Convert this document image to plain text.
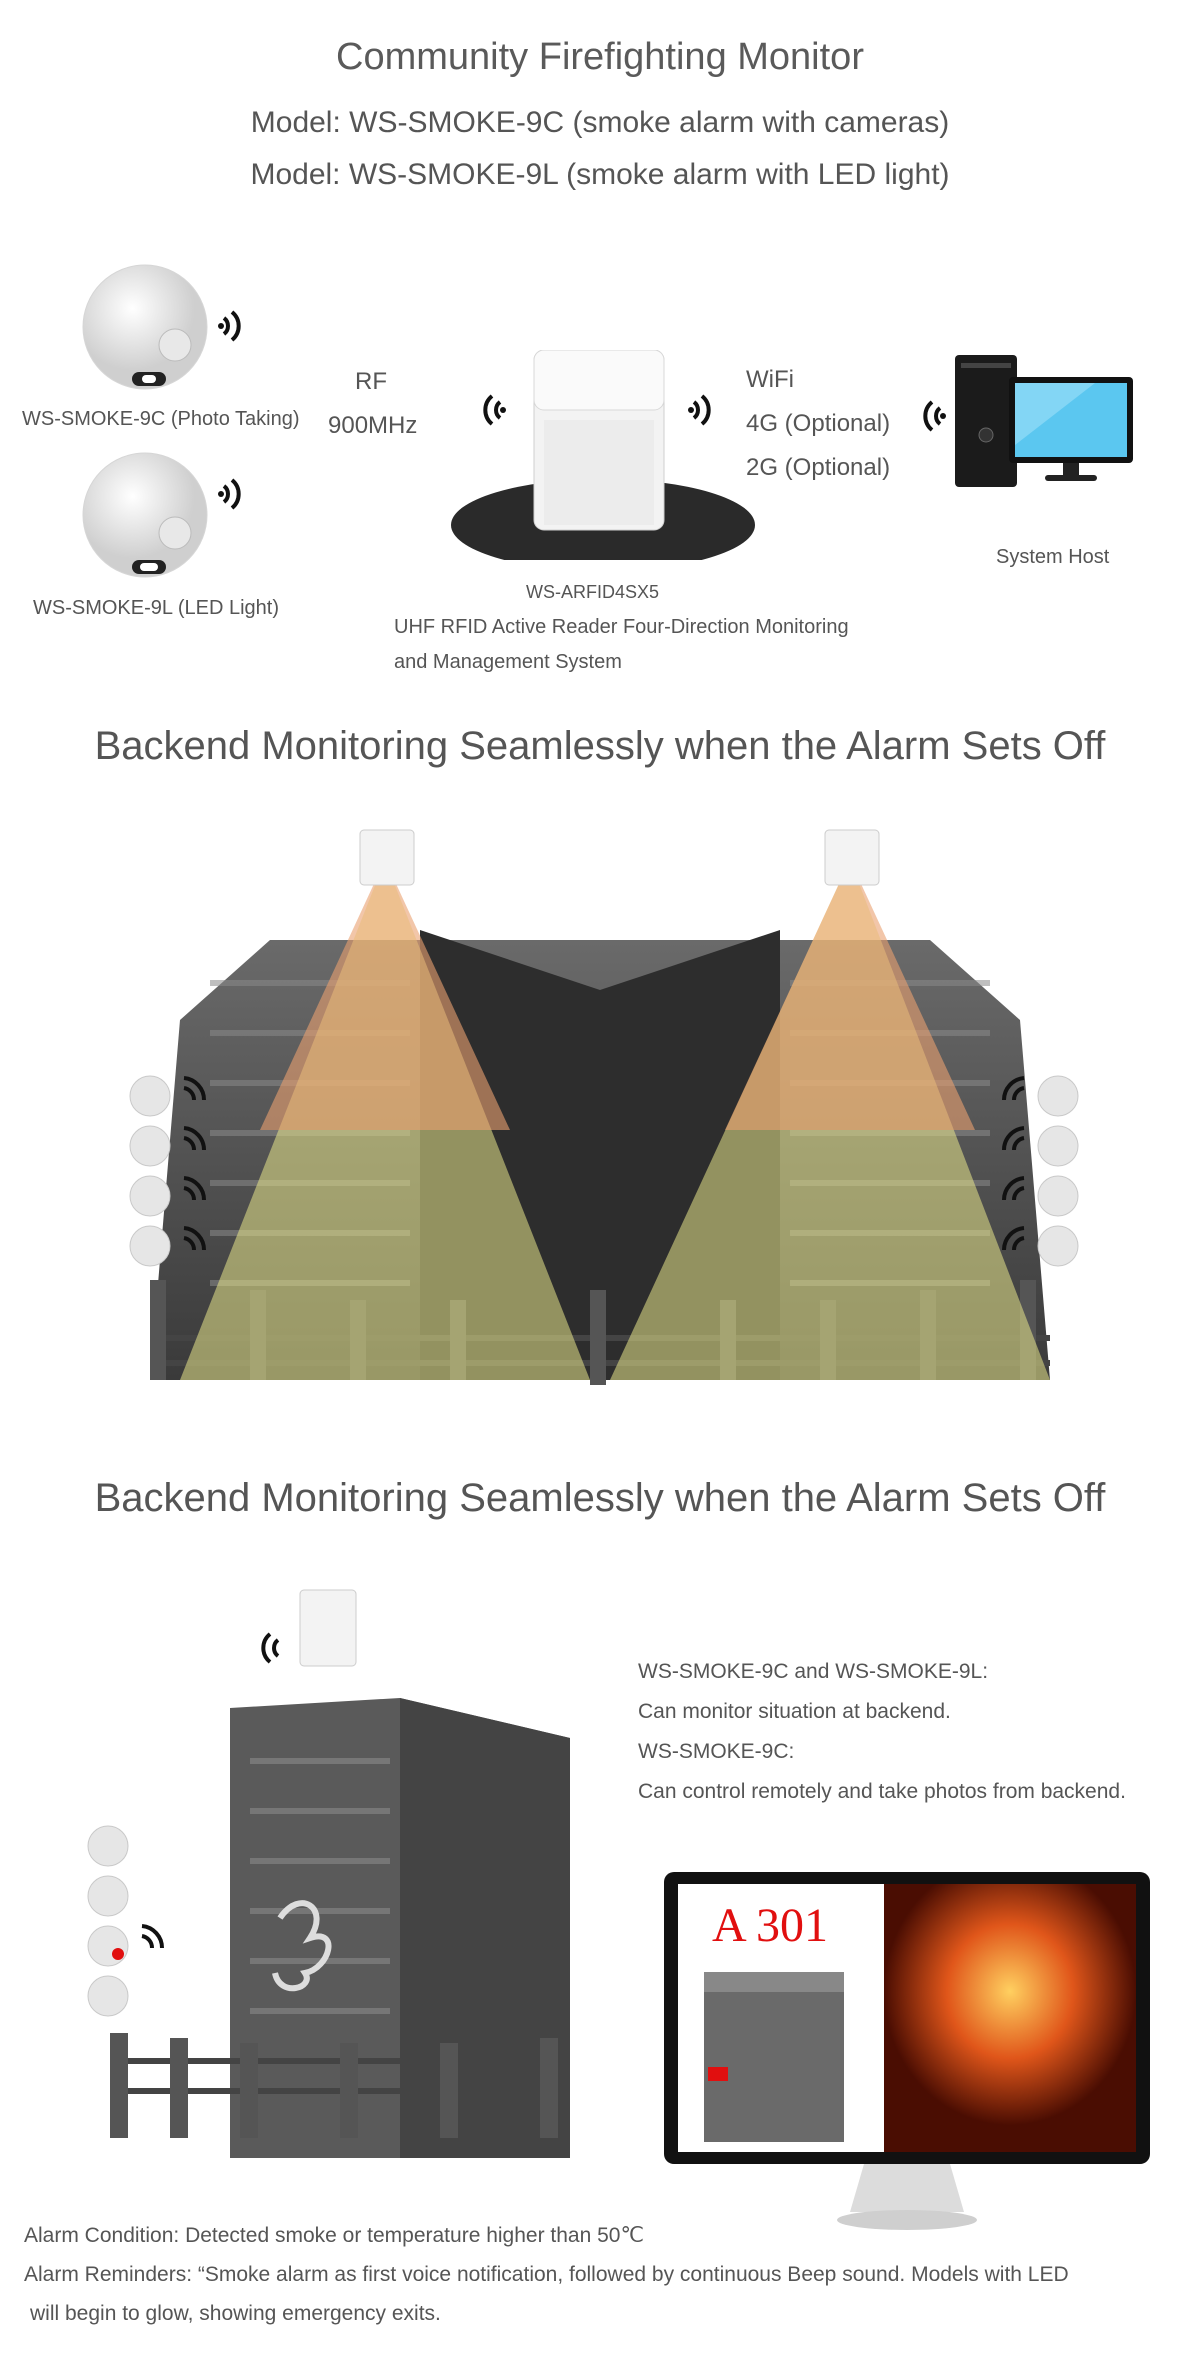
Community Firefighting Monitor
Model: WS-SMOKE-9C (smoke alarm with cameras)
Model: WS-SMOKE-9L (smoke alarm with LED light)
WS-SMOKE-9C (Photo Taking)
WS-SMOKE-9L (LED Light)
RF
900MHz
WiFi
4G (Optional)
2G (Optional)
WS-ARFID4SX5
UHF RFID Active Reader Four-Direction Monitoring
and Management System
System Host
Backend Monitoring Seamlessly when the Alarm Sets Off
Backend Monitoring Seamlessly when the Alarm Sets Off
WS-SMOKE-9C and WS-SMOKE-9L:
Can monitor situation at backend.
WS-SMOKE-9C:
Can control remotely and take photos from backend.
A 301
Alarm Condition: Detected smoke or temperature higher than 50℃
Alarm Reminders: “Smoke alarm as first voice notification, followed by continuous Beep sound. Models with LED
will begin to glow, showing emergency exits.
